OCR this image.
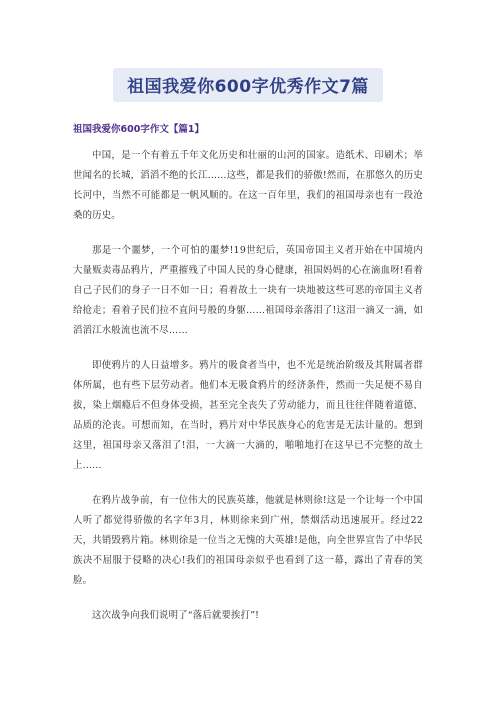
祖国我爱你600字优秀作文7篇
祖国我爱你600字作文【篇1】

中国，是一个有着五千年文化历史和壮丽的山河的国家。造纸术、印刷术；举世闻名的长城，滔滔不绝的长江……这些，都是我们的骄傲!然而，在那悠久的历史长河中，当然不可能都是一帆风顺的。在这一百年里，我们的祖国母亲也有一段沧桑的历史。

那是一个噩梦，一个可怕的噩梦!19世纪后，英国帝国主义者开始在中国境内大量贩卖毒品鸦片，严重摧残了中国人民的身心健康，祖国妈妈的心在滴血呀!看着自己子民们的身子一日不如一日；看着故土一块有一块地被这些可恶的帝国主义者给抢走；看着子民们拉不直问号般的身躯……祖国母亲落泪了!这泪一滴又一滴，如滔滔江水般流也流不尽……

即使鸦片的人日益增多。鸦片的吸食者当中，也不光是统治阶级及其附属者群体所属，也有些下层劳动者。他们本无吸食鸦片的经济条件，然而一失足便不易自拔，染上烟瘾后不但身体受损，甚至完全丧失了劳动能力，而且往往伴随着道德、品质的沦丧。可想而知，在当时，鸦片对中华民族身心的危害是无法计量的。想到这里，祖国母亲又落泪了!泪，一大滴一大滴的，啪啪地打在这早已不完整的故土上……

在鸦片战争前，有一位伟大的民族英雄，他就是林则徐!这是一个让每一个中国人听了都觉得骄傲的名字年3月，林则徐来到广州，禁烟活动迅速展开。经过22天，共销毁鸦片箱。林则徐是一位当之无愧的大英雄!是他，向全世界宣告了中华民族决不屈服于侵略的决心!我们的祖国母亲似乎也看到了这一幕，露出了青春的笑脸。

这次战争向我们说明了“落后就要挨打”!
